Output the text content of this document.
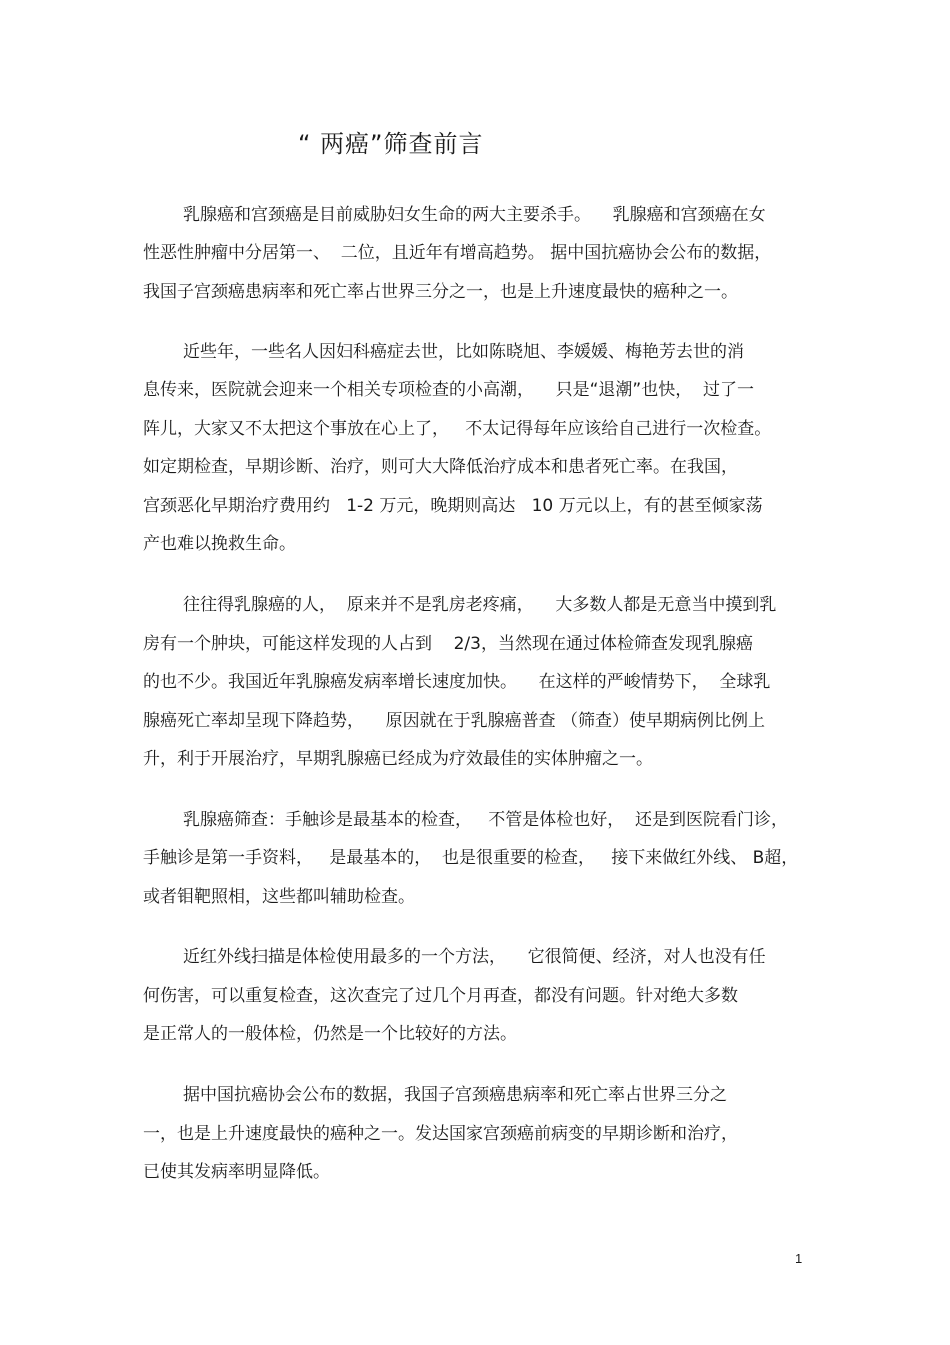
“ 两癌”筛查前言
乳腺癌和宫颈癌是目前威胁妇女生命的两大主要杀手。    乳腺癌和宫颈癌在女
性恶性肿瘤中分居第一、  二位，且近年有增高趋势。 据中国抗癌协会公布的数据，
我国子宫颈癌患病率和死亡率占世界三分之一，也是上升速度最快的癌种之一。
近些年，一些名人因妇科癌症去世，比如陈晓旭、李媛媛、梅艳芳去世的消
息传来，医院就会迎来一个相关专项检查的小高潮，    只是“退潮”也快，  过了一
阵儿，大家又不太把这个事放在心上了，   不太记得每年应该给自己进行一次检查。
如定期检查，早期诊断、治疗，则可大大降低治疗成本和患者死亡率。在我国，
宫颈恶化早期治疗费用约   1-2 万元，晚期则高达   10 万元以上，有的甚至倾家荡
产也难以挽救生命。
往往得乳腺癌的人，  原来并不是乳房老疼痛，    大多数人都是无意当中摸到乳
房有一个肿块，可能这样发现的人占到    2/3，当然现在通过体检筛查发现乳腺癌
的也不少。我国近年乳腺癌发病率增长速度加快。    在这样的严峻情势下，  全球乳
腺癌死亡率却呈现下降趋势，    原因就在于乳腺癌普查 （筛查）使早期病例比例上
升，利于开展治疗，早期乳腺癌已经成为疗效最佳的实体肿瘤之一。
乳腺癌筛查：手触诊是最基本的检查，   不管是体检也好，  还是到医院看门诊，
手触诊是第一手资料，   是最基本的，  也是很重要的检查，   接下来做红外线、 B超，
或者钼靶照相，这些都叫辅助检查。
近红外线扫描是体检使用最多的一个方法，    它很简便、经济，对人也没有任
何伤害，可以重复检查，这次查完了过几个月再查，都没有问题。针对绝大多数
是正常人的一般体检，仍然是一个比较好的方法。
据中国抗癌协会公布的数据，我国子宫颈癌患病率和死亡率占世界三分之
一，也是上升速度最快的癌种之一。发达国家宫颈癌前病变的早期诊断和治疗，
已使其发病率明显降低。
1
